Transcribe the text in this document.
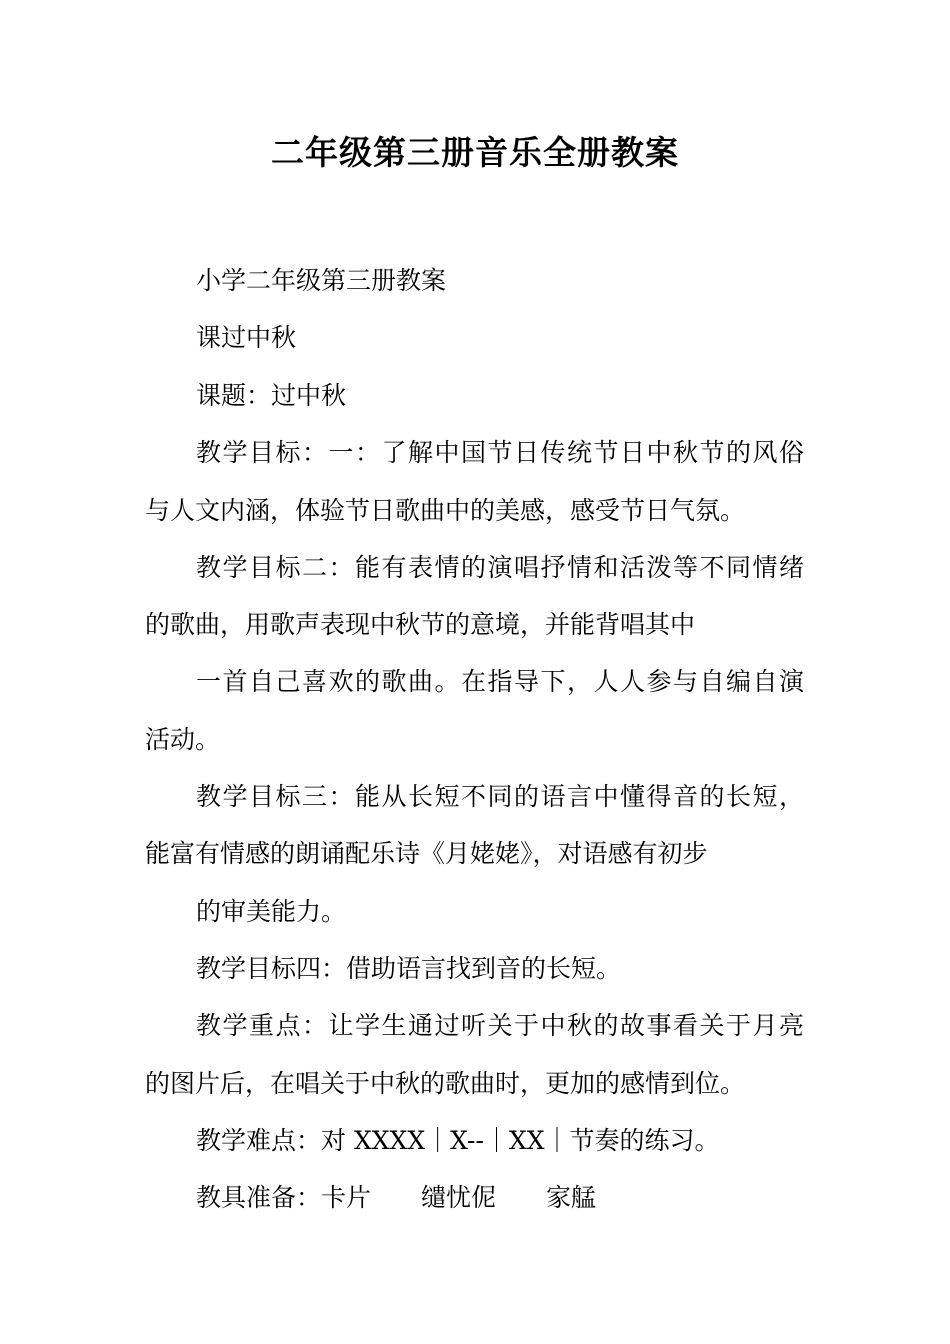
二年级第三册音乐全册教案
小学二年级第三册教案
课过中秋
课题：过中秋
教学目标：一：了解中国节日传统节日中秋节的风俗
与人文内涵，体验节日歌曲中的美感，感受节日气氛。
教学目标二：能有表情的演唱抒情和活泼等不同情绪
的歌曲，用歌声表现中秋节的意境，并能背唱其中
一首自己喜欢的歌曲。在指导下，人人参与自编自演
活动。
教学目标三：能从长短不同的语言中懂得音的长短，
能富有情感的朗诵配乐诗《月姥姥》，对语感有初步
的审美能力。
教学目标四：借助语言找到音的长短。
教学重点：让学生通过听关于中秋的故事看关于月亮
的图片后，在唱关于中秋的歌曲时，更加的感情到位。
教学难点：对 XXXX｜X--｜XX｜节奏的练习。
教具准备：卡片　　缱忧伲　　家艋
